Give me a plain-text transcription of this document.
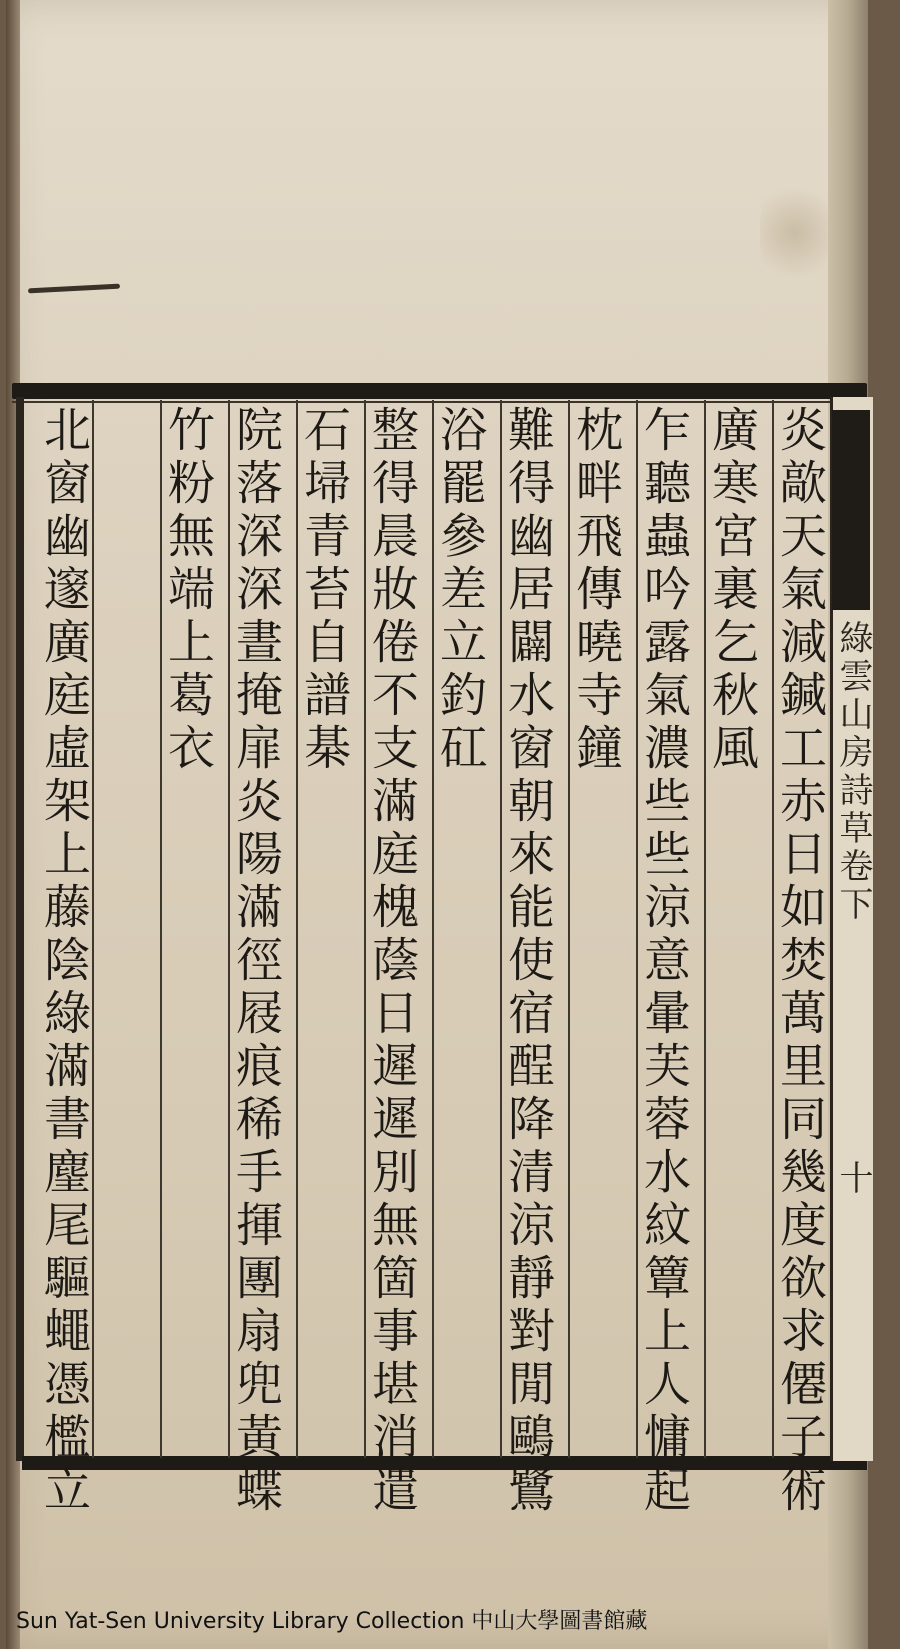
綠雲山房詩草卷下
十
炎歊天氣減鍼工赤日如焚萬里同幾度欲求僊子術
廣寒宮裏乞秋風
乍聽蟲吟露氣濃些些涼意暈芙蓉水紋簟上人慵起
枕畔飛傳曉寺鐘
難得幽居闢水窗朝來能使宿酲降清涼靜對閒鷗鷺
浴罷參差立釣矼
整得晨妝倦不支滿庭槐蔭日遲遲別無箇事堪消遣
石埽青苔自譜棊
院落深深晝掩扉炎陽滿徑屐痕稀手揮團扇兜黃蝶
竹粉無端上葛衣
北窗幽邃廣庭虛架上藤陰綠滿書麈尾驅蠅憑檻立
Sun Yat-Sen University Library Collection 中山大學圖書館藏
